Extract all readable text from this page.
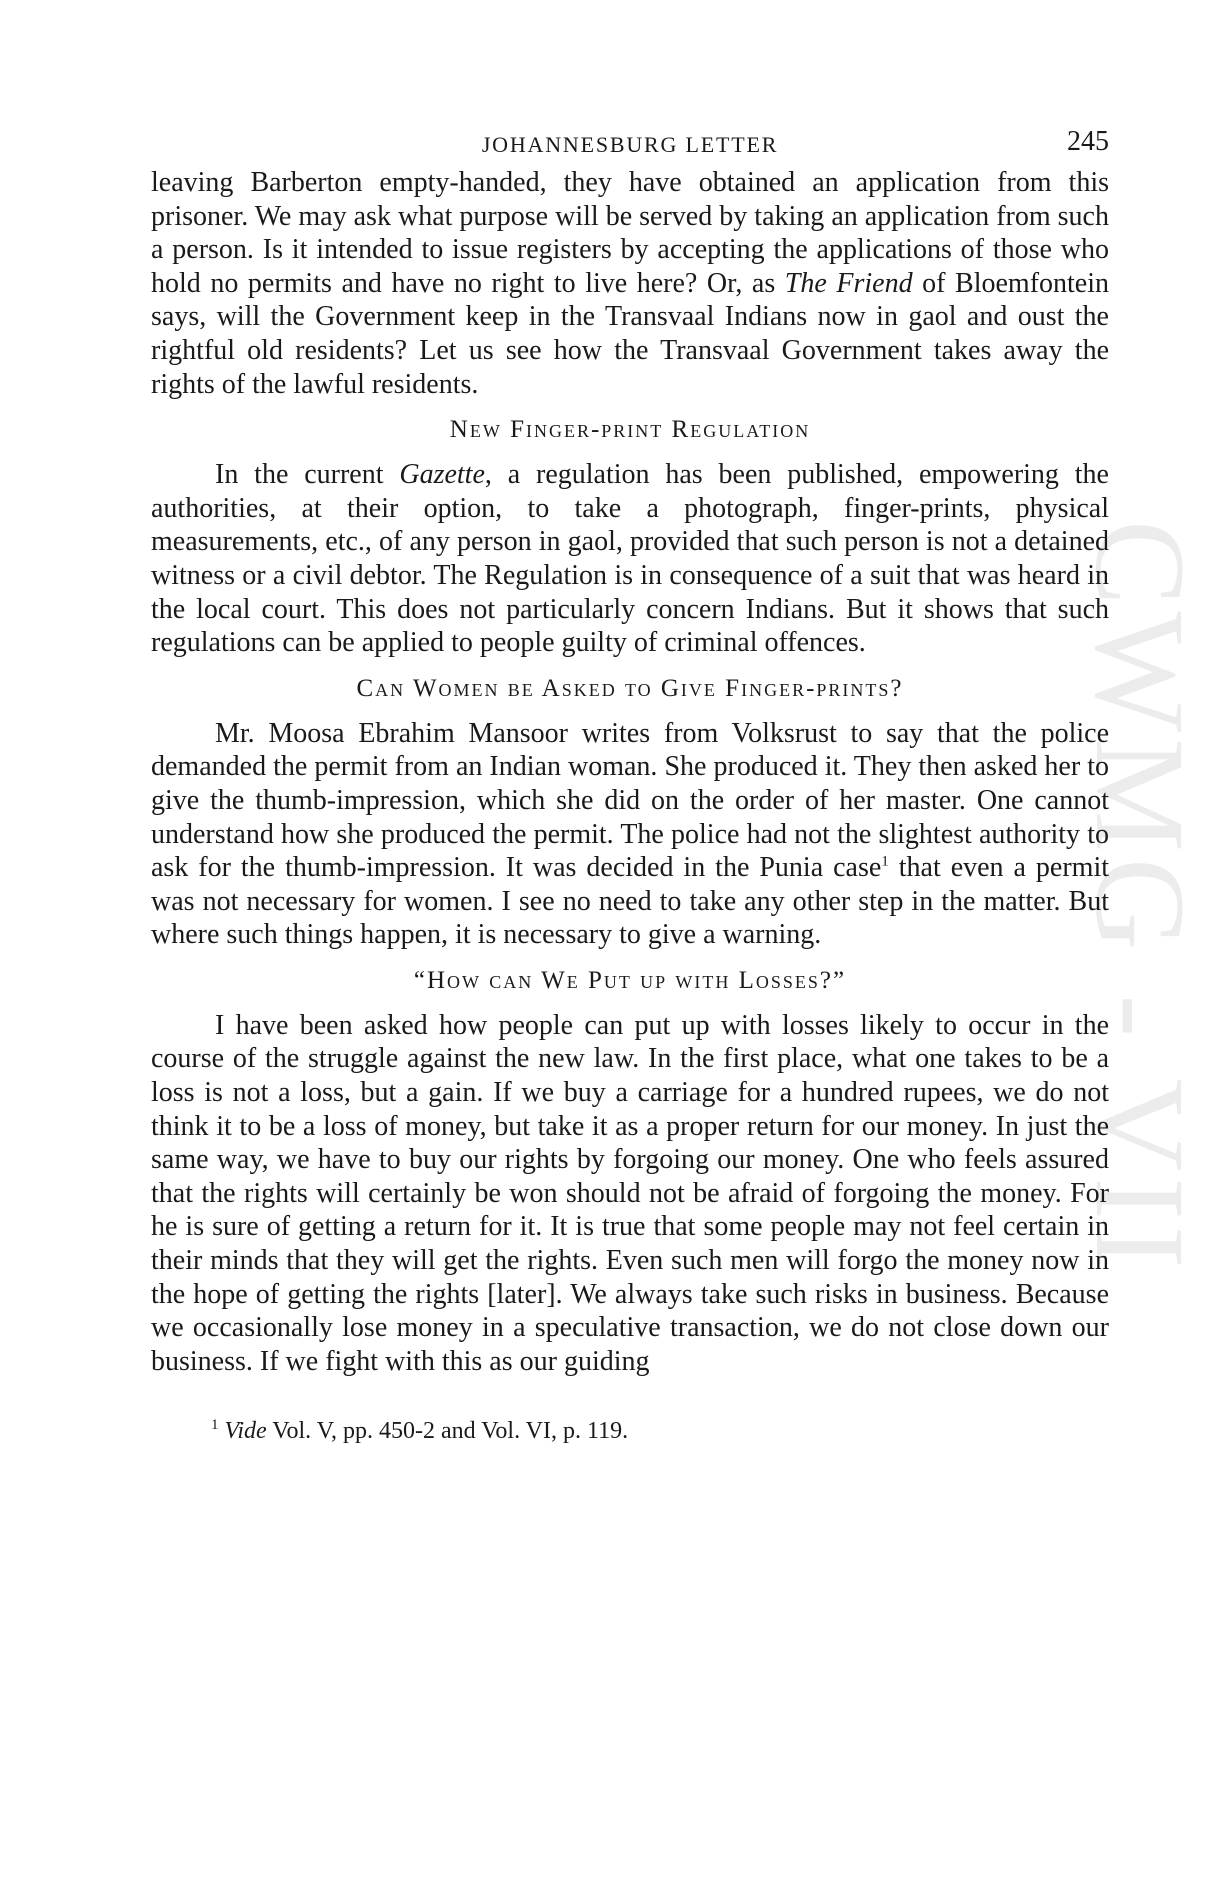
CWMG - VII
JOHANNESBURG LETTER	245

leaving Barberton empty-handed, they have obtained an application from this prisoner. We may ask what purpose will be served by taking an application from such a person. Is it intended to issue registers by accepting the applications of those who hold no permits and have no right to live here? Or, as The Friend of Bloemfontein says, will the Government keep in the Transvaal Indians now in gaol and oust the rightful old residents? Let us see how the Transvaal Government takes away the rights of the lawful residents.

New Finger-print Regulation

In the current Gazette, a regulation has been published, empowering the authorities, at their option, to take a photograph, finger-prints, physical measurements, etc., of any person in gaol, provided that such person is not a detained witness or a civil debtor. The Regulation is in consequence of a suit that was heard in the local court. This does not particularly concern Indians. But it shows that such regulations can be applied to people guilty of criminal offences.

Can Women be Asked to Give Finger-prints?

Mr. Moosa Ebrahim Mansoor writes from Volksrust to say that the police demanded the permit from an Indian woman. She produced it. They then asked her to give the thumb-impression, which she did on the order of her master. One cannot understand how she produced the permit. The police had not the slightest authority to ask for the thumb-impression. It was decided in the Punia case$^1$ that even a permit was not necessary for women. I see no need to take any other step in the matter. But where such things happen, it is necessary to give a warning.

“How can We Put up with Losses?”

I have been asked how people can put up with losses likely to occur in the course of the struggle against the new law. In the first place, what one takes to be a loss is not a loss, but a gain. If we buy a carriage for a hundred rupees, we do not think it to be a loss of money, but take it as a proper return for our money. In just the same way, we have to buy our rights by forgoing our money. One who feels assured that the rights will certainly be won should not be afraid of forgoing the money. For he is sure of getting a return for it. It is true that some people may not feel certain in their minds that they will get the rights. Even such men will forgo the money now in the hope of getting the rights [later]. We always take such risks in business. Because we occasionally lose money in a speculative transaction, we do not close down our business. If we fight with this as our guiding

$^1$ Vide Vol. V, pp. 450-2 and Vol. VI, p. 119.
